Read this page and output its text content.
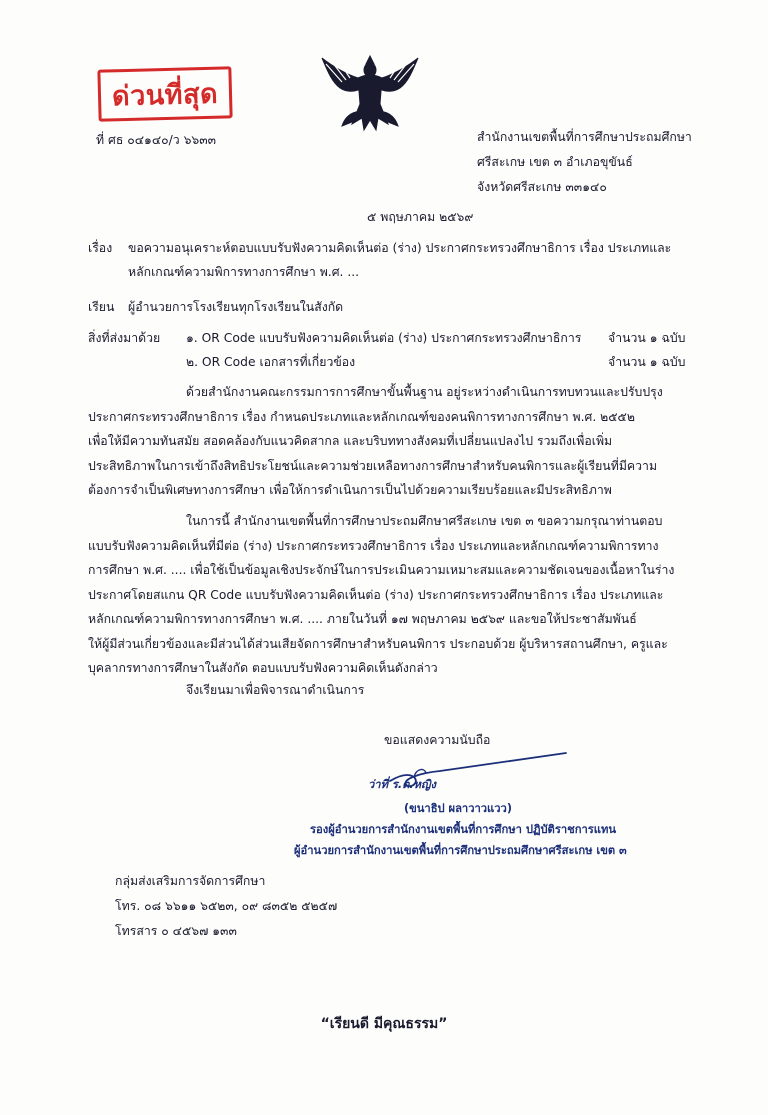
ด่วนที่สุด
ที่ ศธ ๐๔๑๔๐/ว ๖๖๓๓	สำนักงานเขตพื้นที่การศึกษาประถมศึกษา
ศรีสะเกษ เขต ๓ อำเภอขุขันธ์
จังหวัดศรีสะเกษ ๓๓๑๔๐
๕ พฤษภาคม ๒๕๖๙
เรื่อง ขอความอนุเคราะห์ตอบแบบรับฟังความคิดเห็นต่อ (ร่าง) ประกาศกระทรวงศึกษาธิการ เรื่อง ประเภทและ
หลักเกณฑ์ความพิการทางการศึกษา พ.ศ. ...
เรียน ผู้อำนวยการโรงเรียนทุกโรงเรียนในสังกัด
สิ่งที่ส่งมาด้วย ๑. OR Code แบบรับฟังความคิดเห็นต่อ (ร่าง) ประกาศกระทรวงศึกษาธิการ จำนวน ๑ ฉบับ
๒. OR Code เอกสารที่เกี่ยวข้อง	จำนวน ๑ ฉบับ
ด้วยสำนักงานคณะกรรมการการศึกษาขั้นพื้นฐาน อยู่ระหว่างดำเนินการทบทวนและปรับปรุง
ประกาศกระทรวงศึกษาธิการ เรื่อง กำหนดประเภทและหลักเกณฑ์ของคนพิการทางการศึกษา พ.ศ. ๒๕๕๒
เพื่อให้มีความทันสมัย สอดคล้องกับแนวคิดสากล และบริบททางสังคมที่เปลี่ยนแปลงไป รวมถึงเพื่อเพิ่ม
ประสิทธิภาพในการเข้าถึงสิทธิประโยชน์และความช่วยเหลือทางการศึกษาสำหรับคนพิการและผู้เรียนที่มีความ
ต้องการจำเป็นพิเศษทางการศึกษา เพื่อให้การดำเนินการเป็นไปด้วยความเรียบร้อยและมีประสิทธิภาพ
ในการนี้ สำนักงานเขตพื้นที่การศึกษาประถมศึกษาศรีสะเกษ เขต ๓ ขอความกรุณาท่านตอบ
แบบรับฟังความคิดเห็นที่มีต่อ (ร่าง) ประกาศกระทรวงศึกษาธิการ เรื่อง ประเภทและหลักเกณฑ์ความพิการทาง
การศึกษา พ.ศ. .... เพื่อใช้เป็นข้อมูลเชิงประจักษ์ในการประเมินความเหมาะสมและความชัดเจนของเนื้อหาในร่าง
ประกาศโดยสแกน QR Code แบบรับฟังความคิดเห็นต่อ (ร่าง) ประกาศกระทรวงศึกษาธิการ เรื่อง ประเภทและ
หลักเกณฑ์ความพิการทางการศึกษา พ.ศ. .... ภายในวันที่ ๑๗ พฤษภาคม ๒๕๖๙ และขอให้ประชาสัมพันธ์
ให้ผู้มีส่วนเกี่ยวข้องและมีส่วนได้ส่วนเสียจัดการศึกษาสำหรับคนพิการ ประกอบด้วย ผู้บริหารสถานศึกษา, ครูและ
บุคลากรทางการศึกษาในสังกัด ตอบแบบรับฟังความคิดเห็นดังกล่าว
จึงเรียนมาเพื่อพิจารณาดำเนินการ
ขอแสดงความนับถือ
ว่าที่ ร.ต.หญิง
(ขนาธิป ผลาวาวแวว)
รองผู้อำนวยการสำนักงานเขตพื้นที่การศึกษา ปฏิบัติราชการแทน
ผู้อำนวยการสำนักงานเขตพื้นที่การศึกษาประถมศึกษาศรีสะเกษ เขต ๓
กลุ่มส่งเสริมการจัดการศึกษา
โทร. ๐๘ ๖๖๑๑ ๖๕๒๓, ๐๙ ๘๓๕๒ ๕๒๕๗
โทรสาร ๐ ๔๕๖๗ ๑๓๓
“เรียนดี มีคุณธรรม”
